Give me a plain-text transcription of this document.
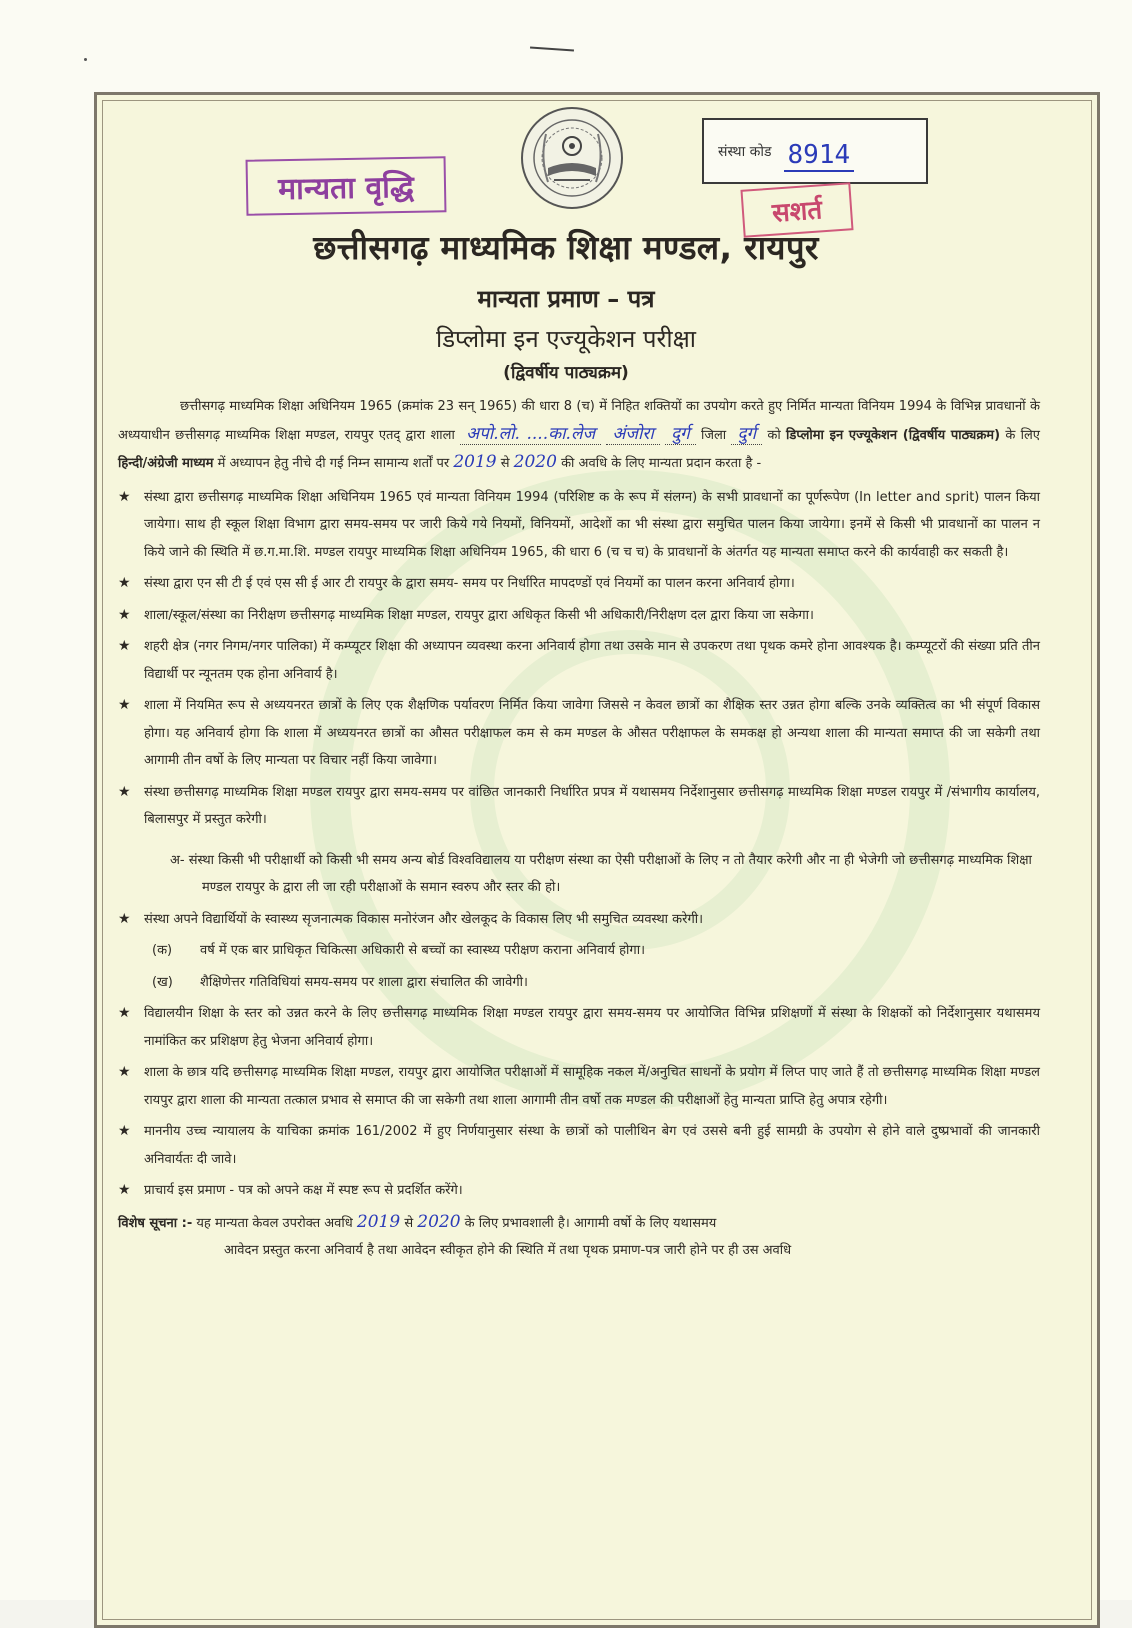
मान्यता वृद्धि
संस्था कोड 8914
सशर्त
छत्तीसगढ़ माध्यमिक शिक्षा मण्डल, रायपुर
मान्यता प्रमाण – पत्र
डिप्लोमा इन एज्यूकेशन परीक्षा
(द्विवर्षीय पाठ्यक्रम)

छत्तीसगढ़ माध्यमिक शिक्षा अधिनियम 1965 (क्रमांक 23 सन् 1965) की धारा 8 (च) में निहित शक्तियों का उपयोग करते हुए निर्मित मान्यता विनियम 1994 के विभिन्न प्रावधानों के अध्ययाधीन छत्तीसगढ़ माध्यमिक शिक्षा मण्डल, रायपुर एतद् द्वारा शाला अपो.लो. ....का.लेज अंजोरा दुर्ग जिला दुर्ग को डिप्लोमा इन एज्यूकेशन (द्विवर्षीय पाठ्यक्रम) के लिए हिन्दी/अंग्रेजी माध्यम में अध्यापन हेतु नीचे दी गई निम्न सामान्य शर्तों पर 2019 से 2020 की अवधि के लिए मान्यता प्रदान करता है -

★ संस्था द्वारा छत्तीसगढ़ माध्यमिक शिक्षा अधिनियम 1965 एवं मान्यता विनियम 1994 (परिशिष्ट क के रूप में संलग्न) के सभी प्रावधानों का पूर्णरूपेण (In letter and sprit) पालन किया जायेगा। साथ ही स्कूल शिक्षा विभाग द्वारा समय-समय पर जारी किये गये नियमों, विनियमों, आदेशों का भी संस्था द्वारा समुचित पालन किया जायेगा। इनमें से किसी भी प्रावधानों का पालन न किये जाने की स्थिति में छ.ग.मा.शि. मण्डल रायपुर माध्यमिक शिक्षा अधिनियम 1965, की धारा 6 (च च च) के प्रावधानों के अंतर्गत यह मान्यता समाप्त करने की कार्यवाही कर सकती है।
★ संस्था द्वारा एन सी टी ई एवं एस सी ई आर टी रायपुर के द्वारा समय- समय पर निर्धारित मापदण्डों एवं नियमों का पालन करना अनिवार्य होगा।
★ शाला/स्कूल/संस्था का निरीक्षण छत्तीसगढ़ माध्यमिक शिक्षा मण्डल, रायपुर द्वारा अधिकृत किसी भी अधिकारी/निरीक्षण दल द्वारा किया जा सकेगा।
★ शहरी क्षेत्र (नगर निगम/नगर पालिका) में कम्प्यूटर शिक्षा की अध्यापन व्यवस्था करना अनिवार्य होगा तथा उसके मान से उपकरण तथा पृथक कमरे होना आवश्यक है। कम्प्यूटरों की संख्या प्रति तीन विद्यार्थी पर न्यूनतम एक होना अनिवार्य है।
★ शाला में नियमित रूप से अध्ययनरत छात्रों के लिए एक शैक्षणिक पर्यावरण निर्मित किया जावेगा जिससे न केवल छात्रों का शैक्षिक स्तर उन्नत होगा बल्कि उनके व्यक्तित्व का भी संपूर्ण विकास होगा। यह अनिवार्य होगा कि शाला में अध्ययनरत छात्रों का औसत परीक्षाफल कम से कम मण्डल के औसत परीक्षाफल के समकक्ष हो अन्यथा शाला की मान्यता समाप्त की जा सकेगी तथा आगामी तीन वर्षो के लिए मान्यता पर विचार नहीं किया जावेगा।
★ संस्था छत्तीसगढ़ माध्यमिक शिक्षा मण्डल रायपुर द्वारा समय-समय पर वांछित जानकारी निर्धारित प्रपत्र में यथासमय निर्देशानुसार छत्तीसगढ़ माध्यमिक शिक्षा मण्डल रायपुर में /संभागीय कार्यालय, बिलासपुर में प्रस्तुत करेगी।

अ- संस्था किसी भी परीक्षार्थी को किसी भी समय अन्य बोर्ड विश्वविद्यालय या परीक्षण संस्था का ऐसी परीक्षाओं के लिए न तो तैयार करेगी और ना ही भेजेगी जो छत्तीसगढ़ माध्यमिक शिक्षा मण्डल रायपुर के द्वारा ली जा रही परीक्षाओं के समान स्वरुप और स्तर की हो।

★ संस्था अपने विद्यार्थियों के स्वास्थ्य सृजनात्मक विकास मनोरंजन और खेलकूद के विकास लिए भी समुचित व्यवस्था करेगी।
(क)	वर्ष में एक बार प्राधिकृत चिकित्सा अधिकारी से बच्चों का स्वास्थ्य परीक्षण कराना अनिवार्य होगा।
(ख)	शैक्षिणेत्तर गतिविधियां समय-समय पर शाला द्वारा संचालित की जावेगी।
★ विद्यालयीन शिक्षा के स्तर को उन्नत करने के लिए छत्तीसगढ़ माध्यमिक शिक्षा मण्डल रायपुर द्वारा समय-समय पर आयोजित विभिन्न प्रशिक्षणों में संस्था के शिक्षकों को निर्देशानुसार यथासमय नामांकित कर प्रशिक्षण हेतु भेजना अनिवार्य होगा।
★ शाला के छात्र यदि छत्तीसगढ़ माध्यमिक शिक्षा मण्डल, रायपुर द्वारा आयोजित परीक्षाओं में सामूहिक नकल में/अनुचित साधनों के प्रयोग में लिप्त पाए जाते हैं तो छत्तीसगढ़ माध्यमिक शिक्षा मण्डल रायपुर द्वारा शाला की मान्यता तत्काल प्रभाव से समाप्त की जा सकेगी तथा शाला आगामी तीन वर्षो तक मण्डल की परीक्षाओं हेतु मान्यता प्राप्ति हेतु अपात्र रहेगी।
★ माननीय उच्च न्यायालय के याचिका क्रमांक 161/2002 में हुए निर्णयानुसार संस्था के छात्रों को पालीथिन बेग एवं उससे बनी हुई सामग्री के उपयोग से होने वाले दुष्प्रभावों की जानकारी अनिवार्यतः दी जावे।
★ प्राचार्य इस प्रमाण - पत्र को अपने कक्ष में स्पष्ट रूप से प्रदर्शित करेंगे।
विशेष सूचना :- यह मान्यता केवल उपरोक्त अवधि 2019 से 2020 के लिए प्रभावशाली है। आगामी वर्षो के लिए यथासमय
आवेदन प्रस्तुत करना अनिवार्य है तथा आवेदन स्वीकृत होने की स्थिति में तथा पृथक प्रमाण-पत्र जारी होने पर ही उस अवधि
